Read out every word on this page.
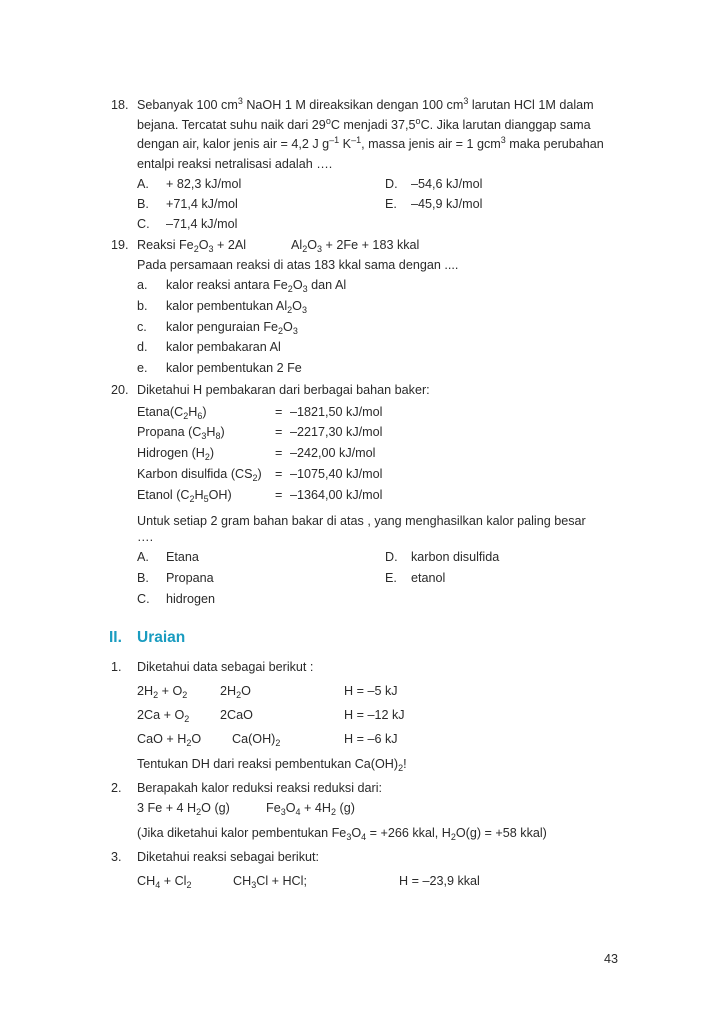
18. Sebanyak 100 $cm^3$ NaOH 1 M direaksikan dengan 100 $cm^3$ larutan HCl 1M dalam
bejana. Tercatat suhu naik dari 29$^o$C menjadi 37,5$^o$C. Jika larutan dianggap sama
dengan air, kalor jenis air = 4,2 J $g^{-1}$ $K^{-1}$, massa jenis air = 1 gcm$^3$ maka perubahan
entalpi reaksi netralisasi adalah ….
A. + 82,3 kJ/mol
B. +71,4 kJ/mol
C. –71,4 kJ/mol
D. –54,6 kJ/mol
E. –45,9 kJ/mol
19. Reaksi $Fe_2O_3 + 2Al$	$Al_2O_3 + 2Fe + 183$ kkal
Pada persamaan reaksi di atas 183 kkal sama dengan ....
a. kalor reaksi antara $Fe_2O_3$ dan Al
b. kalor pembentukan $Al_2O_3$
c. kalor penguraian $Fe_2O_3$
d. kalor pembakaran Al
e. kalor pembentukan 2 Fe
20. Diketahui H pembakaran dari berbagai bahan baker:
$Etana(C_2H_6)$	= –1821,50 kJ/mol
Propana $(C_3H_8)$	= –2217,30 kJ/mol
Hidrogen $(H_2)$	= –242,00 kJ/mol
Karbon disulfida $(CS_2) = -1075,40$ kJ/mol
Etanol $(C_2H_5OH)$	= –1364,00 kJ/mol
Untuk setiap 2 gram bahan bakar di atas , yang menghasilkan kalor paling besar
….
A. Etana
B. Propana
C. hidrogen
D. karbon disulfida
E. etanol
II. Uraian
1. Diketahui data sebagai berikut :
$2H_2 + O_2$	$2H_2O$	H = –5 kJ
$2Ca + O_2$ 2CaO	H = –12 kJ
CaO + $H_2O$ $Ca(OH)_2$	H = –6 kJ
Tentukan DH dari reaksi pembentukan $Ca(OH)_2$!
2. Berapakah kalor reduksi reaksi reduksi dari:
3 Fe + 4 $H_2O$ (g)	$Fe_3O_4 + 4H_2$ (g)
(Jika diketahui kalor pembentukan $Fe_3O_4 = +266$ kkal, $H_2O(g) = +58$ kkal)
3. Diketahui reaksi sebagai berikut:
$CH_4 + Cl_2$	$CH_3Cl$ + HCl;	H = –23,9 kkal
43
